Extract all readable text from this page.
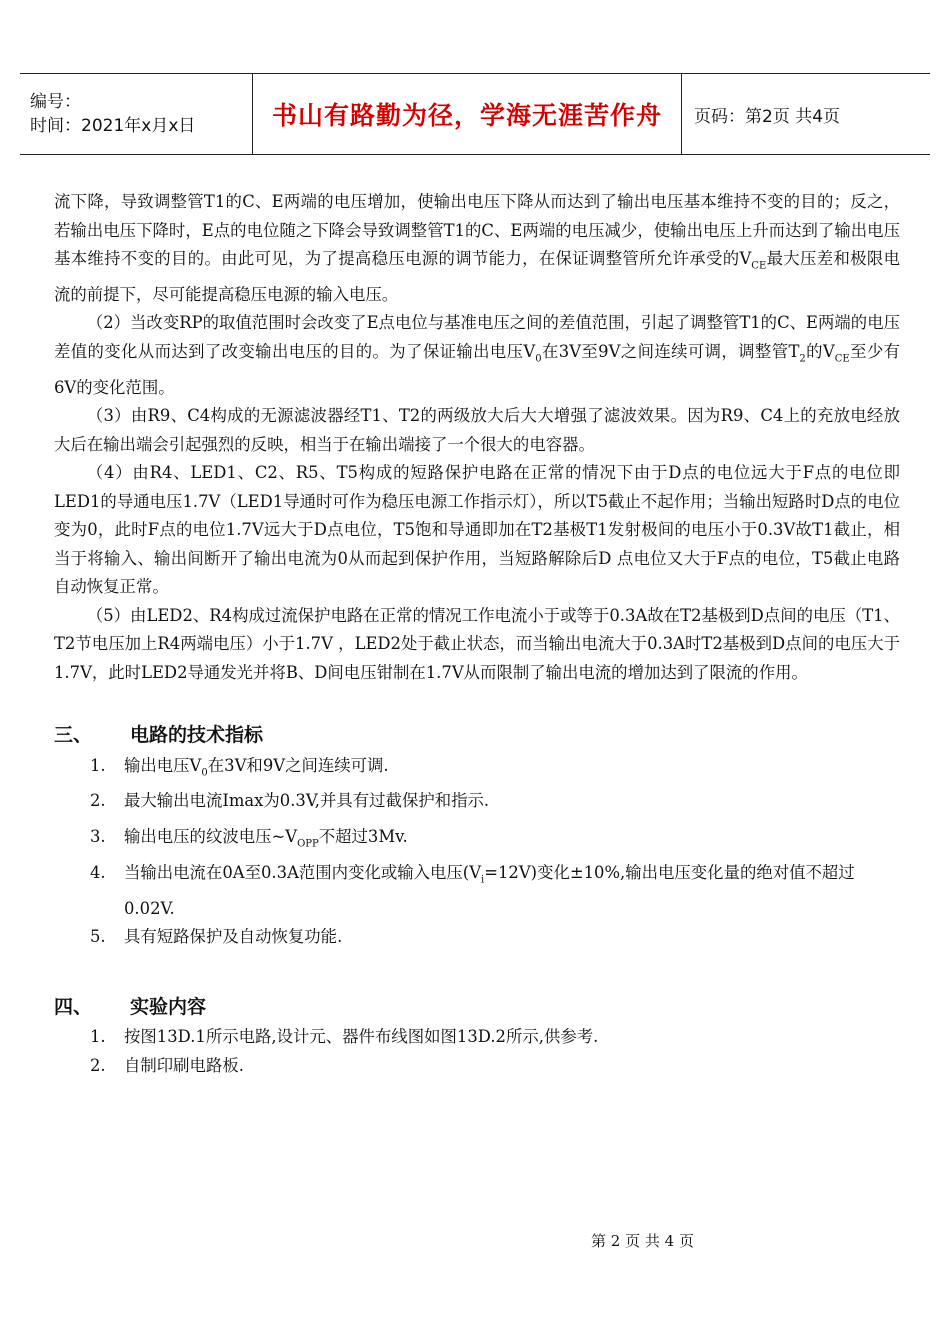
编号：
时间：2021年x月x日	书山有路勤为径，学海无涯苦作舟 页码：第2页 共4页

流下降，导致调整管T1的C、E两端的电压增加，使输出电压下降从而达到了输出电压基本维持不变的目的；反之，若输出电压下降时，E点的电位随之下降会导致调整管T1的C、E两端的电压减少，使输出电压上升而达到了输出电压基本维持不变的目的。由此可见，为了提高稳压电源的调节能力，在保证调整管所允许承受的$V_{CE}$最大压差和极限电流的前提下，尽可能提高稳压电源的输入电压。

（2）当改变RP的取值范围时会改变了E点电位与基准电压之间的差值范围，引起了调整管T1的C、E两端的电压差值的变化从而达到了改变输出电压的目的。为了保证输出电压$V_0$在3V至9V之间连续可调，调整管$T_2$的$V_{CE}$至少有6V的变化范围。

（3）由R9、C4构成的无源滤波器经T1、T2的两级放大后大大增强了滤波效果。因为R9、C4上的充放电经放大后在输出端会引起强烈的反映，相当于在输出端接了一个很大的电容器。

（4）由R4、LED1、C2、R5、T5构成的短路保护电路在正常的情况下由于D点的电位远大于F点的电位即LED1的导通电压1.7V（LED1导通时可作为稳压电源工作指示灯），所以T5截止不起作用；当输出短路时D点的电位变为0，此时F点的电位1.7V远大于D点电位，T5饱和导通即加在T2基极T1发射极间的电压小于0.3V故T1截止，相当于将输入、输出间断开了输出电流为0从而起到保护作用，当短路解除后D 点电位又大于F点的电位，T5截止电路自动恢复正常。

（5）由LED2、R4构成过流保护电路在正常的情况工作电流小于或等于0.3A故在T2基极到D点间的电压（T1、T2节电压加上R4两端电压）小于1.7V ，LED2处于截止状态，而当输出电流大于0.3A时T2基极到D点间的电压大于1.7V，此时LED2导通发光并将B、D间电压钳制在1.7V从而限制了输出电流的增加达到了限流的作用。

三、	电路的技术指标
1.	输出电压$V_0$在3V和9V之间连续可调.
2.	最大输出电流Imax为0.3V,并具有过截保护和指示.
3.	输出电压的纹波电压$\sim V_{OPP}$不超过3Mv.
4.	当输出电流在0A至0.3A范围内变化或输入电压$(V_i=12V)$变化±10%,输出电压变化量的绝对值不超过0.02V.
5.	具有短路保护及自动恢复功能.
四、	实验内容
1.	按图13D.1所示电路,设计元、器件布线图如图13D.2所示,供参考.
2.	自制印刷电路板.
第 2 页 共 4 页
